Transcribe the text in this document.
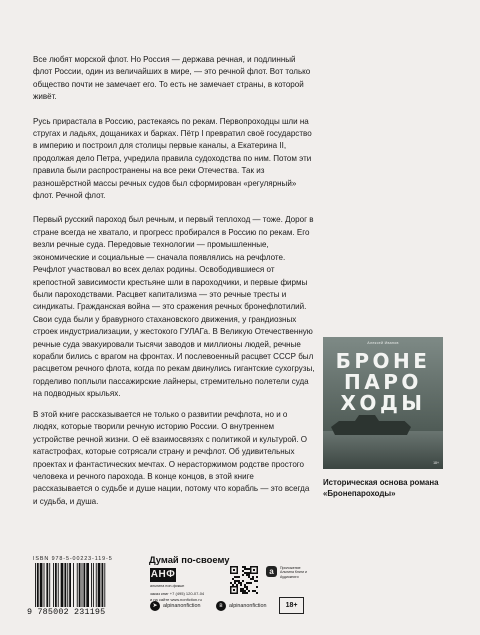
Все любят морской флот. Но Россия — держава речная, и подлинный флот России, один из величайших в мире, — это речной флот. Вот только общество почти не замечает его. То есть не замечает страны, в которой живёт.

Русь прирастала в Россию, растекаясь по рекам. Первопроходцы шли на стругах и ладьях, дощаниках и барках. Пётр I превратил своё государство в империю и построил для столицы первые каналы, а Екатерина II, продолжая дело Петра, учредила правила судоходства по ним. Потом эти правила были распространены на все реки Отечества. Так из разношёрстной массы речных судов был сформирован «регулярный» флот. Речной флот.

Первый русский пароход был речным, и первый теплоход — тоже. Дорог в стране всегда не хватало, и прогресс пробирался в Россию по рекам. Его везли речные суда. Передовые технологии — промышленные, экономические и социальные — сначала появлялись на речфлоте. Речфлот участвовал во всех делах родины. Освободившиеся от крепостной зависимости крестьяне шли в пароходчики, и первые фирмы были пароходствами. Расцвет капитализма — это речные тресты и синдикаты. Гражданская война — это сражения речных бронефлотилий. Свои суда были у бравурного стахановского движения, у грандиозных строек индустриализации, у жестокого ГУЛАГа. В Великую Отечественную речные суда эвакуировали тысячи заводов и миллионы людей, речные корабли бились с врагом на фронтах. И послевоенный расцвет СССР был расцветом речного флота, когда по рекам двинулись гигантские сухогрузы, горделиво поплыли пассажирские лайнеры, стремительно полетели суда на подводных крыльях.

В этой книге рассказывается не только о развитии речфлота, но и о людях, которые творили речную историю России. О внутреннем устройстве речной жизни. О её взаимосвязях с политикой и культурой. О катастрофах, которые сотрясали страну и речфлот. Об удивительных проектах и фантастических мечтах. О нерасторжимом родстве простого человека и речного парохода. В конце концов, в этой книге рассказывается о судьбе и душе нации, потому что корабль — это всегда и судьба, и душа.

Алексей Иванов
БРОНЕ
ПАРО
ХОДЫ
18+
Историческая основа романа «Бронепароходы»
ISBN 978-5-00223-119-5
9 785002 231195
Думай по-своему
АНФ
альпина нон-фикшн
заказ книг +7 (495) 120-07-04
и на сайте www.nonfiction.ru
a	Приложение Альпина Книги и Аудиокниги
18+
➤	alpinanonfiction	в	alpinanonfiction
